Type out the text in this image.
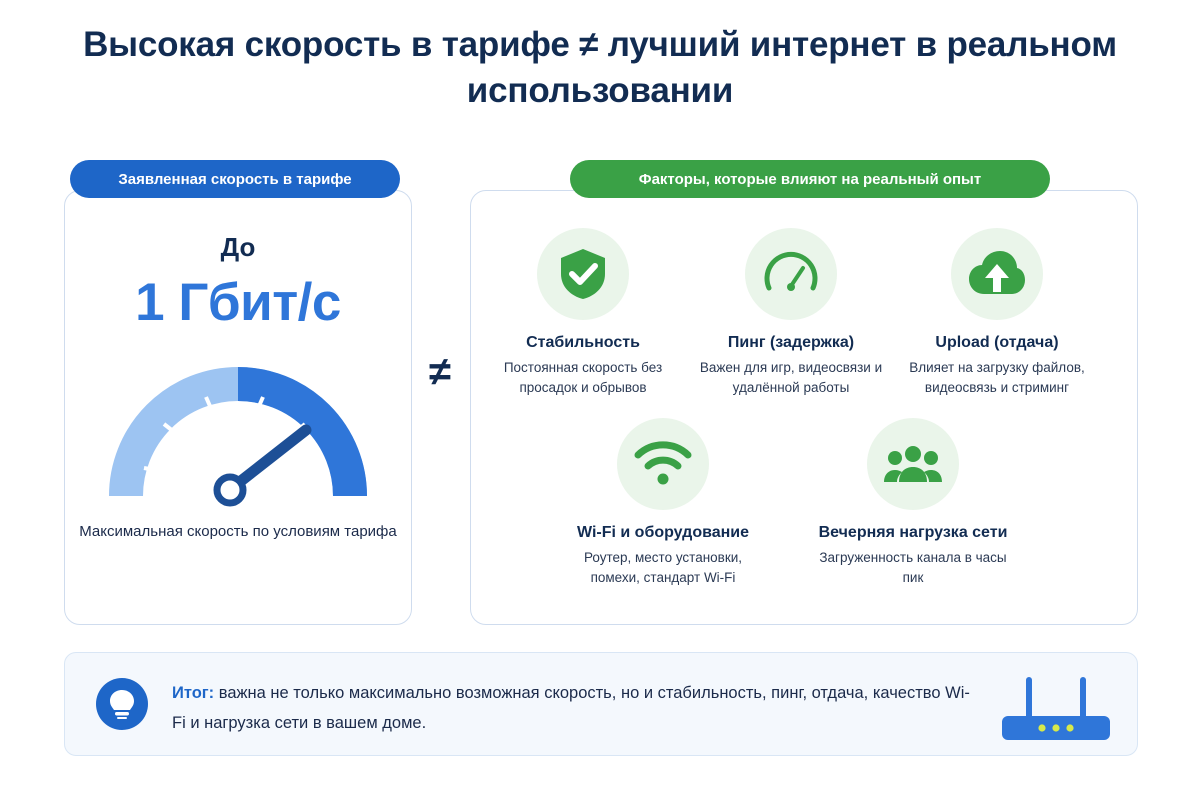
Высокая скорость в тарифе ≠ лучший интернет в реальном использовании
Заявленная скорость в тарифе
До
1 Гбит/с
Максимальная скорость по условиям тарифа
≠
Факторы, которые влияют на реальный опыт
Стабильность
Постоянная скорость без просадок и обрывов
Пинг (задержка)
Важен для игр, видеосвязи и удалённой работы
Upload (отдача)
Влияет на загрузку файлов, видеосвязь и стриминг
Wi-Fi и оборудование
Роутер, место установки, помехи, стандарт Wi-Fi
Вечерняя нагрузка сети
Загруженность канала в часы пик
Итог: важна не только максимально возможная скорость, но и стабильность, пинг, отдача, качество Wi-Fi и нагрузка сети в вашем доме.
